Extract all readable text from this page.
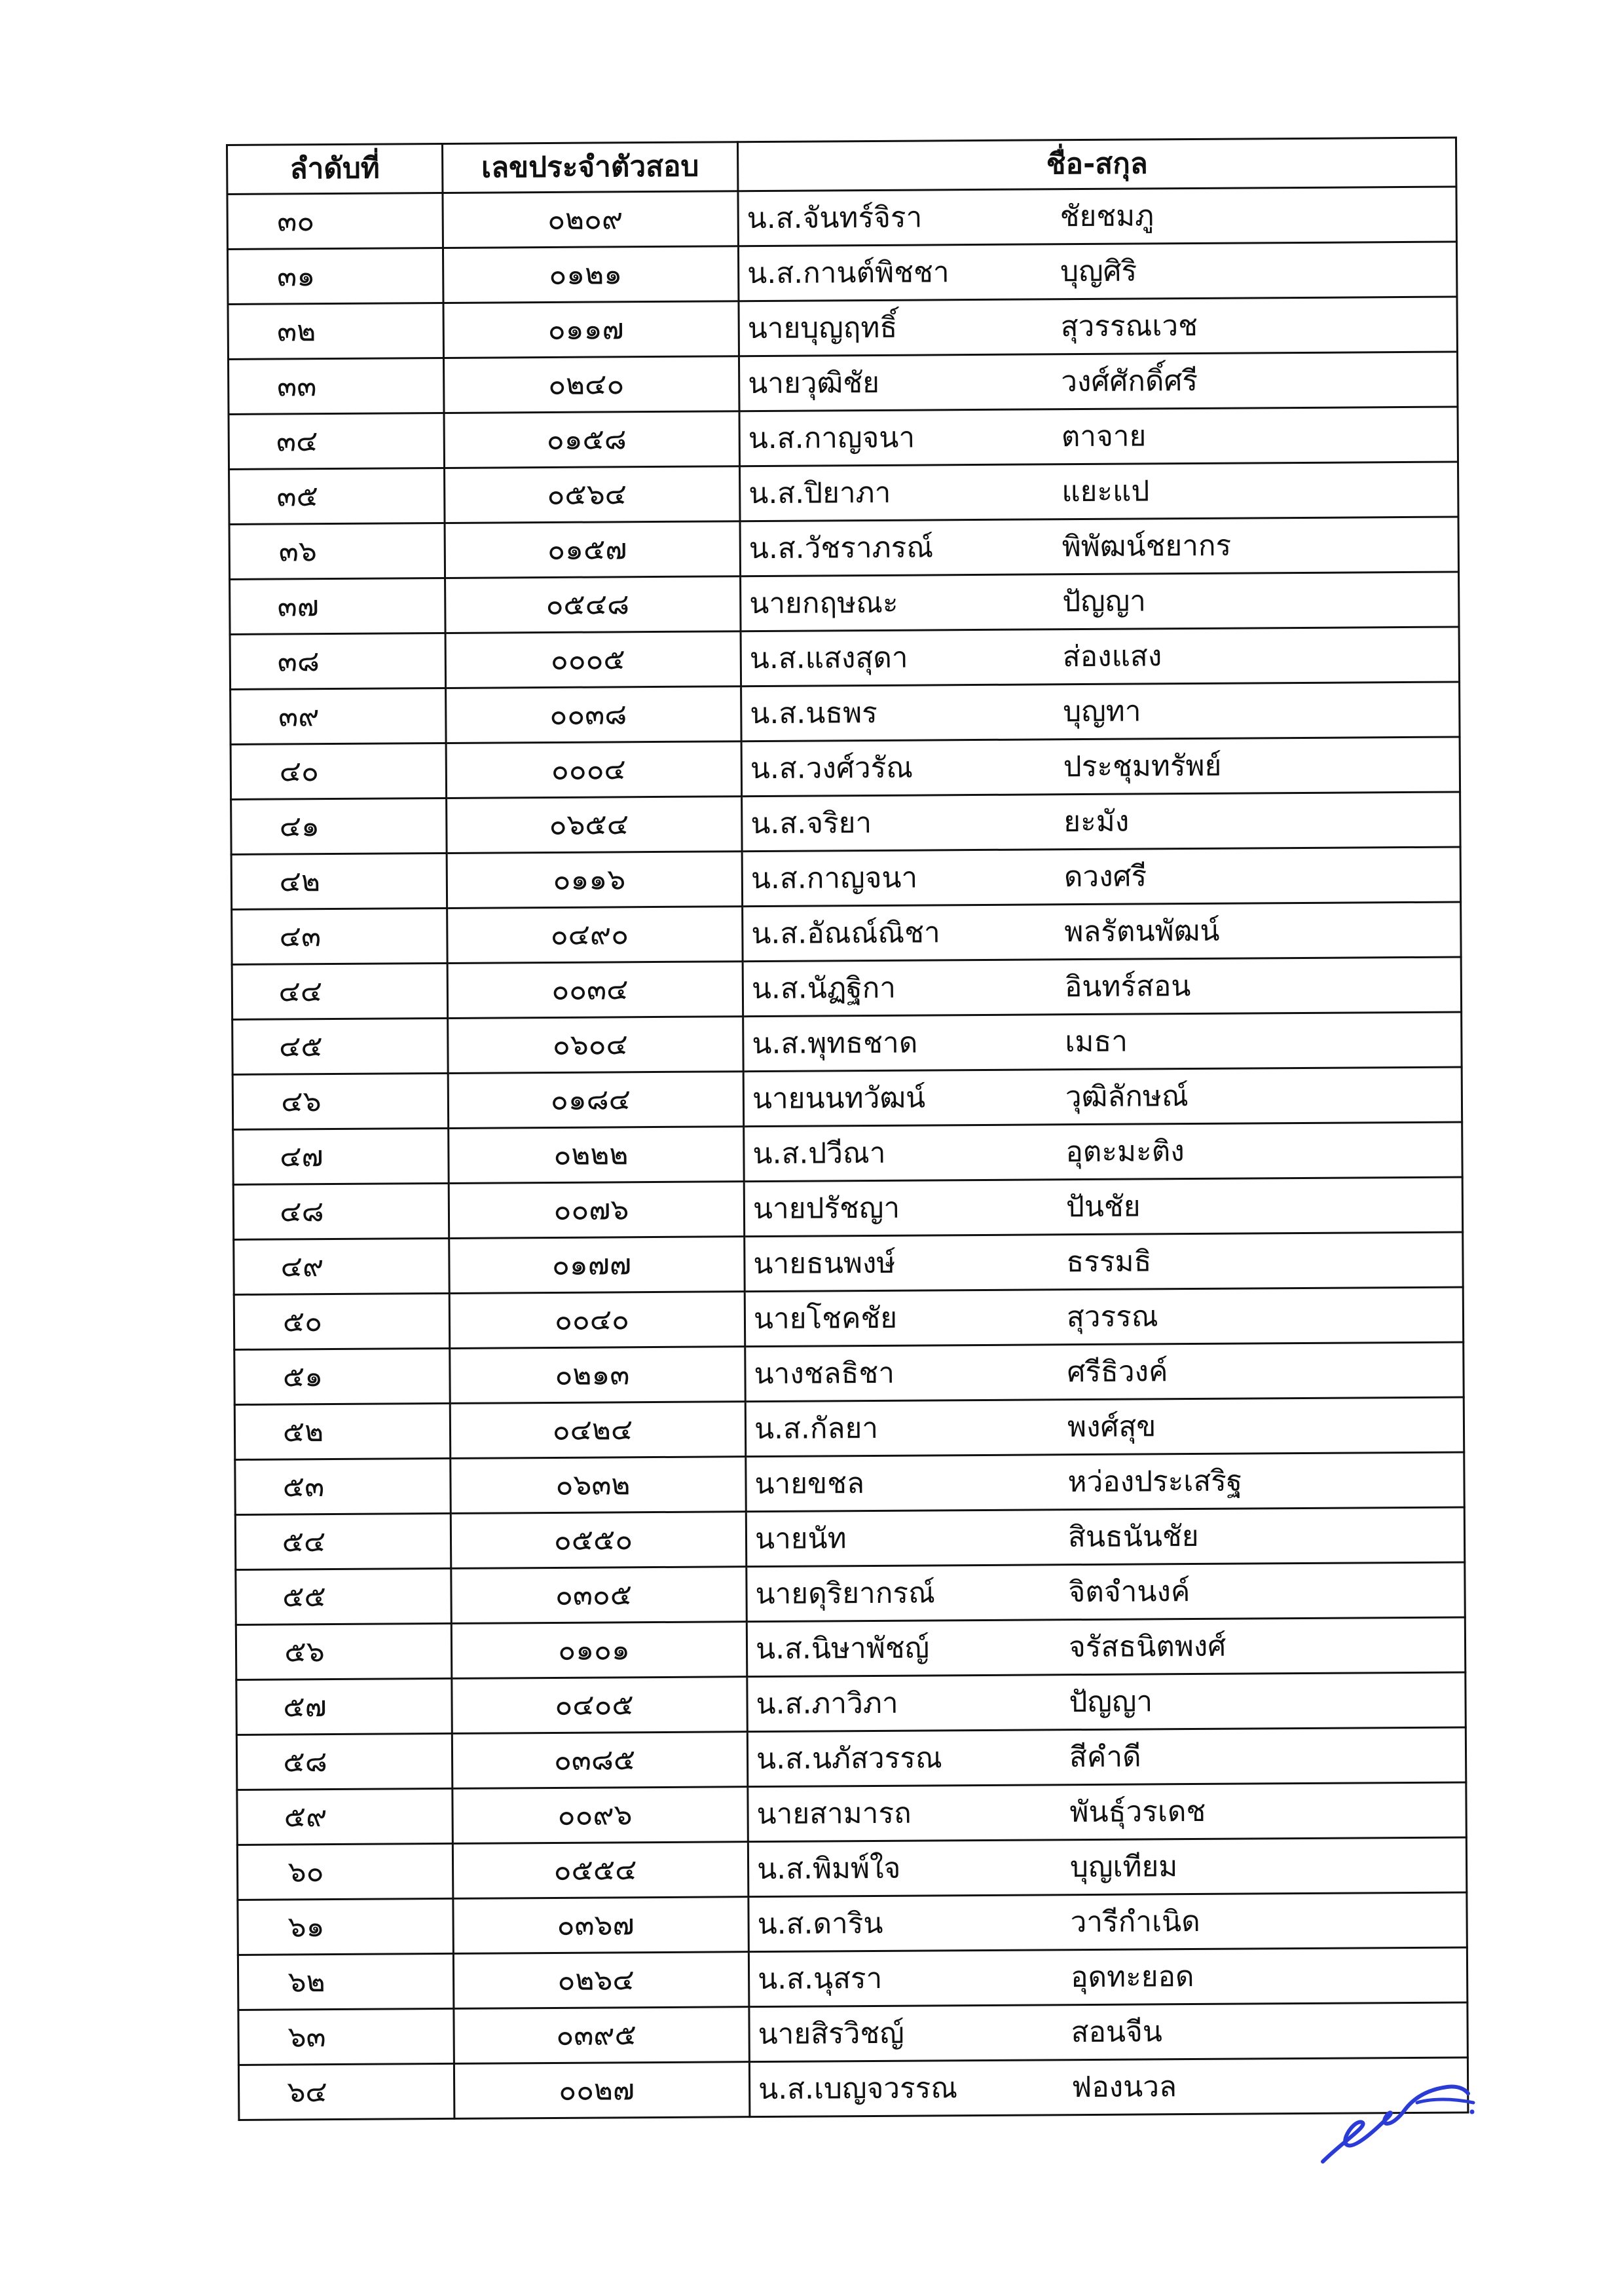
ลำดับที่	เลขประจำตัวสอบ	ชื่อ-สกุล
๓๐	๐๒๐๙	น.ส.จันทร์จิรา ชัยชมภู
๓๑	๐๑๒๑	น.ส.กานต์พิชชา บุญศิริ
๓๒	๐๑๑๗	นายบุญฤทธิ์ สุวรรณเวช
๓๓	๐๒๔๐	นายวุฒิชัย วงศ์ศักดิ์ศรี
๓๔	๐๑๕๘	น.ส.กาญจนา ตาจาย
๓๕	๐๕๖๔	น.ส.ปิยาภา แยะแป
๓๖	๐๑๕๗	น.ส.วัชราภรณ์ พิพัฒน์ชยากร
๓๗	๐๕๔๘	นายกฤษณะ ปัญญา
๓๘	๐๐๐๕	น.ส.แสงสุดา ส่องแสง
๓๙	๐๐๓๘	น.ส.นธพร บุญทา
๔๐	๐๐๐๔	น.ส.วงศ์วรัณ ประชุมทรัพย์
๔๑	๐๖๕๔	น.ส.จริยา ยะมัง
๔๒	๐๑๑๖	น.ส.กาญจนา ดวงศรี
๔๓	๐๔๙๐	น.ส.อัณณ์ณิชา พลรัตนพัฒน์
๔๔	๐๐๓๔	น.ส.นัฏฐิกา อินทร์สอน
๔๕	๐๖๐๔	น.ส.พุทธชาด เมธา
๔๖	๐๑๘๔	นายนนทวัฒน์ วุฒิลักษณ์
๔๗	๐๒๒๒	น.ส.ปวีณา อุตะมะติง
๔๘	๐๐๗๖	นายปรัชญา ปันชัย
๔๙	๐๑๗๗	นายธนพงษ์ ธรรมธิ
๕๐	๐๐๔๐	นายโชคชัย สุวรรณ
๕๑	๐๒๑๓	นางชลธิชา ศรีธิวงค์
๕๒	๐๔๒๔	น.ส.กัลยา พงศ์สุข
๕๓	๐๖๓๒	นายขชล หว่องประเสริฐ
๕๔	๐๕๕๐	นายนัท สินธนันชัย
๕๕	๐๓๐๕	นายดุริยากรณ์ จิตจำนงค์
๕๖	๐๑๐๑	น.ส.นิษาพัชญ์ จรัสธนิตพงศ์
๕๗	๐๔๐๕	น.ส.ภาวิภา ปัญญา
๕๘	๐๓๘๕	น.ส.นภัสวรรณ สีคำดี
๕๙	๐๐๙๖	นายสามารถ พันธุ์วรเดช
๖๐	๐๕๕๔	น.ส.พิมพ์ใจ บุญเทียม
๖๑	๐๓๖๗	น.ส.ดาริน วารีกำเนิด
๖๒	๐๒๖๔	น.ส.นุสรา อุดทะยอด
๖๓	๐๓๙๕	นายสิรวิชญ์ สอนจีน
๖๔	๐๐๒๗	น.ส.เบญจวรรณ ฟองนวล
